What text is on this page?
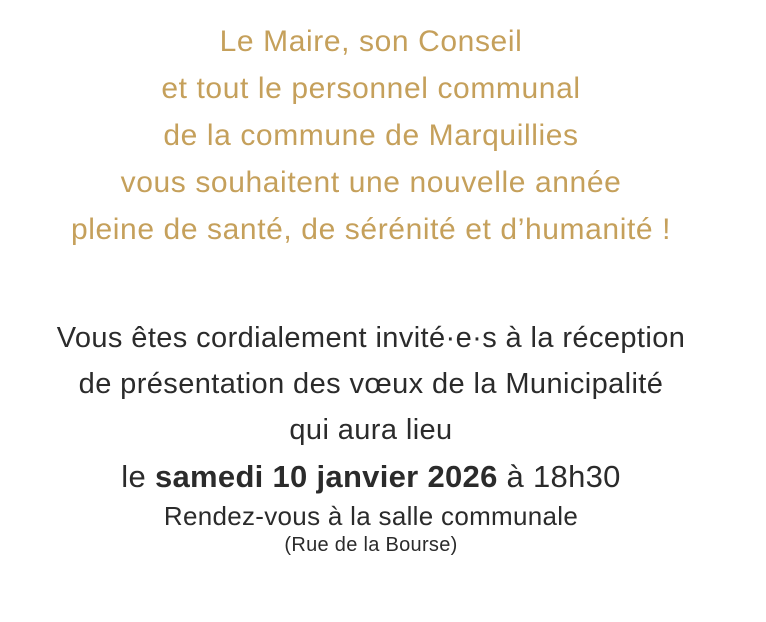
Le Maire, son Conseil

et tout le personnel communal

de la commune de Marquillies

vous souhaitent une nouvelle année

pleine de santé, de sérénité et d’humanité !

Vous êtes cordialement invité·e·s à la réception

de présentation des vœux de la Municipalité

qui aura lieu

le samedi 10 janvier 2026 à 18h30

Rendez-vous à la salle communale

(Rue de la Bourse)
